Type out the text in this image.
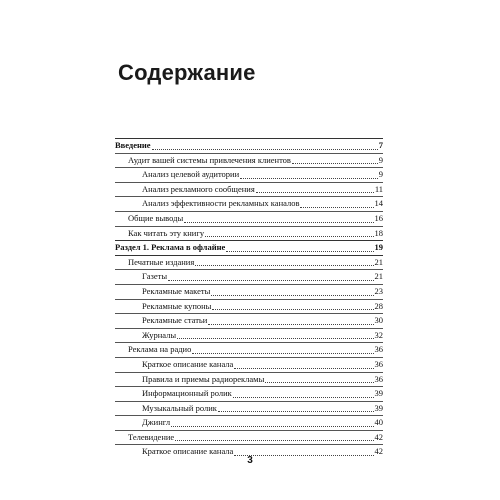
Содержание
Введение	7
Аудит вашей системы привлечения клиентов	9
Анализ целевой аудитории	9
Анализ рекламного сообщения	11
Анализ эффективности рекламных каналов	14
Общие выводы	16
Как читать эту книгу	18
Раздел 1. Реклама в офлайне	19
Печатные издания	21
Газеты	21
Рекламные макеты	23
Рекламные купоны	28
Рекламные статьи	30
Журналы	32
Реклама на радио	36
Краткое описание канала	36
Правила и приемы радиорекламы	36
Информационный ролик	39
Музыкальный ролик	39
Джингл	40
Телевидение	42
Краткое описание канала	42
3
